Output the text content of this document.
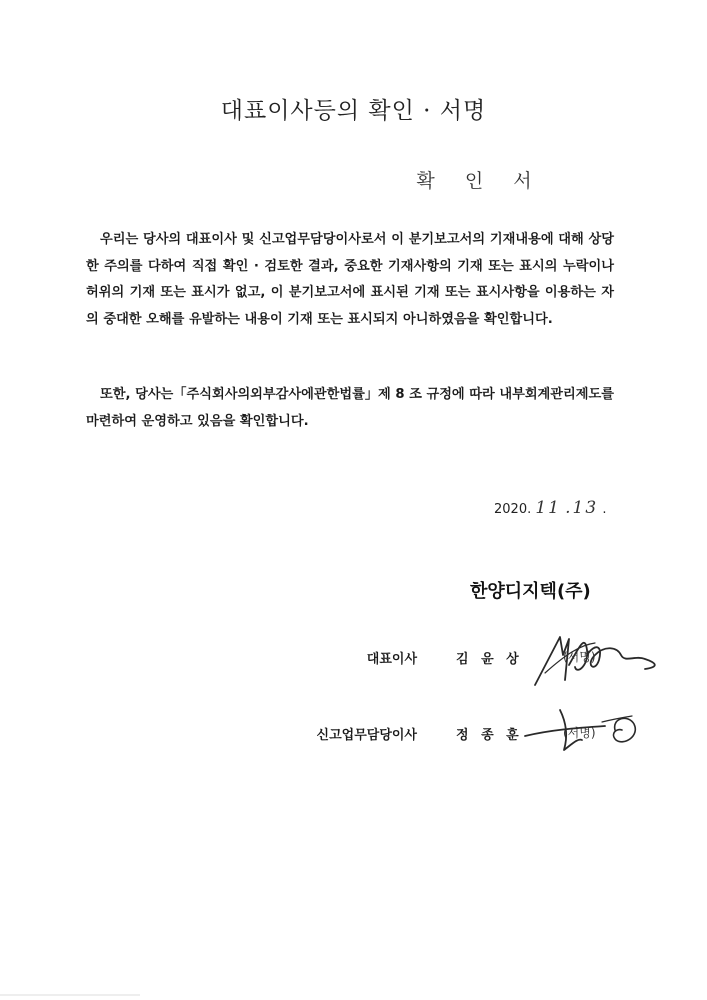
대표이사등의 확인 · 서명
확 인 서

우리는 당사의 대표이사 및 신고업무담당이사로서 이 분기보고서의 기재내용에 대해 상당한 주의를 다하여 직접 확인 · 검토한 결과, 중요한 기재사항의 기재 또는 표시의 누락이나 허위의 기재 또는 표시가 없고, 이 분기보고서에 표시된 기재 또는 표시사항을 이용하는 자의 중대한 오해를 유발하는 내용이 기재 또는 표시되지 아니하였음을 확인합니다.

또한, 당사는「주식회사의외부감사에관한법률」제 8 조 규정에 따라 내부회계관리제도를 마련하여 운영하고 있음을 확인합니다.

2020. 11 .13 .
한양디지텍(주)
대표이사	김 윤 상	(서명)
신고업무담당이사	정 종 훈	(서명)
